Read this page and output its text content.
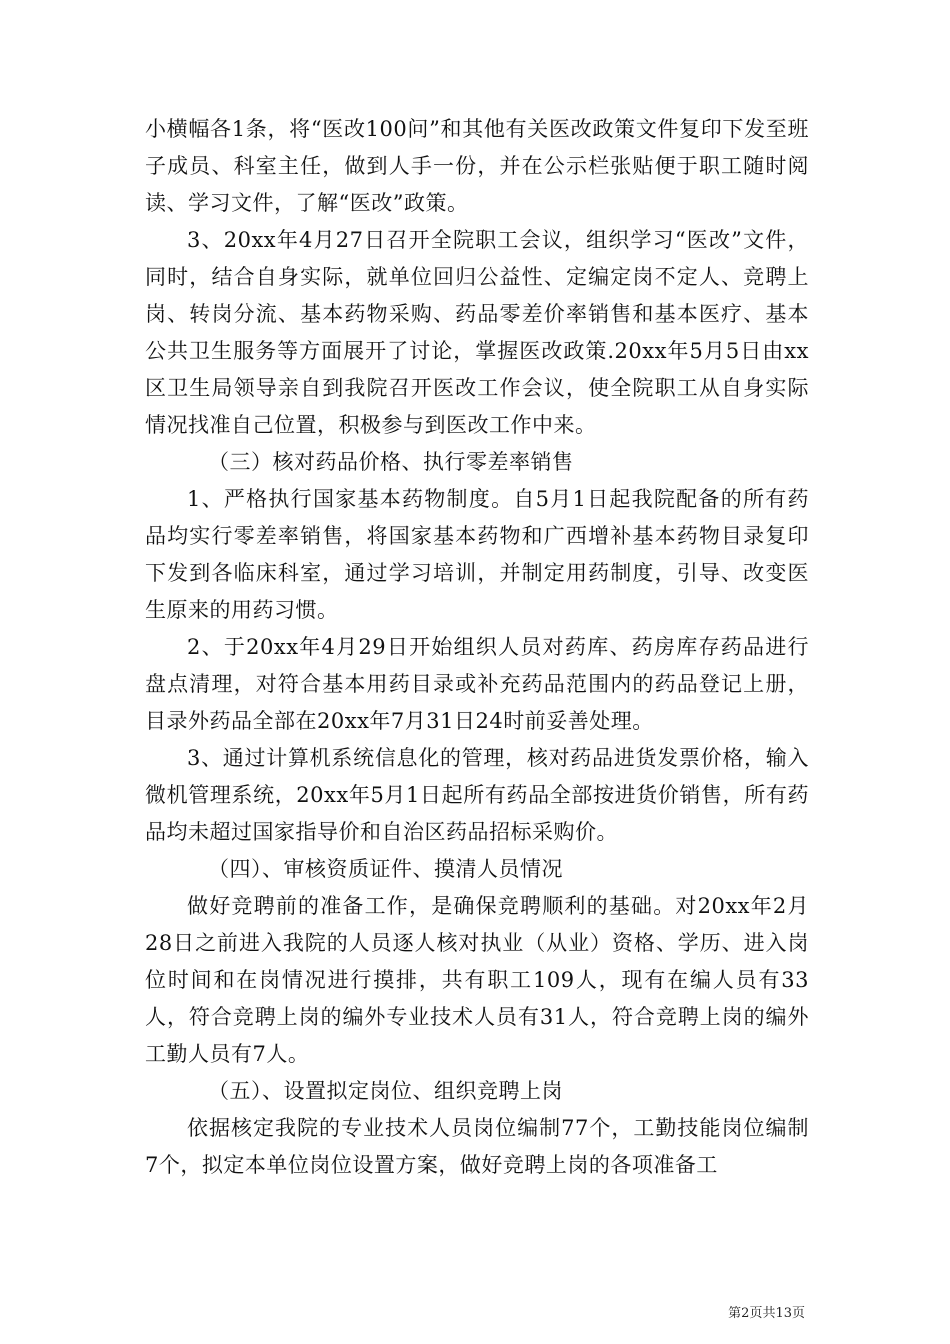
小横幅各1条，将“医改100问”和其他有关医改政策文件复印下发至班子成员、科室主任，做到人手一份，并在公示栏张贴便于职工随时阅读、学习文件，了解“医改”政策。

3、20xx年4月27日召开全院职工会议，组织学习“医改”文件，同时，结合自身实际，就单位回归公益性、定编定岗不定人、竞聘上岗、转岗分流、基本药物采购、药品零差价率销售和基本医疗、基本公共卫生服务等方面展开了讨论，掌握医改政策.20xx年5月5日由xx区卫生局领导亲自到我院召开医改工作会议，使全院职工从自身实际情况找准自己位置，积极参与到医改工作中来。

（三）核对药品价格、执行零差率销售

1、严格执行国家基本药物制度。自5月1日起我院配备的所有药品均实行零差率销售，将国家基本药物和广西增补基本药物目录复印下发到各临床科室，通过学习培训，并制定用药制度，引导、改变医生原来的用药习惯。

2、于20xx年4月29日开始组织人员对药库、药房库存药品进行盘点清理，对符合基本用药目录或补充药品范围内的药品登记上册，目录外药品全部在20xx年7月31日24时前妥善处理。

3、通过计算机系统信息化的管理，核对药品进货发票价格，输入微机管理系统，20xx年5月1日起所有药品全部按进货价销售，所有药品均未超过国家指导价和自治区药品招标采购价。

（四）、审核资质证件、摸清人员情况

做好竞聘前的准备工作，是确保竞聘顺利的基础。对20xx年2月28日之前进入我院的人员逐人核对执业（从业）资格、学历、进入岗位时间和在岗情况进行摸排，共有职工109人，现有在编人员有33人，符合竞聘上岗的编外专业技术人员有31人，符合竞聘上岗的编外工勤人员有7人。

（五）、设置拟定岗位、组织竞聘上岗

依据核定我院的专业技术人员岗位编制77个，工勤技能岗位编制7个，拟定本单位岗位设置方案，做好竞聘上岗的各项准备工

第2页共13页
